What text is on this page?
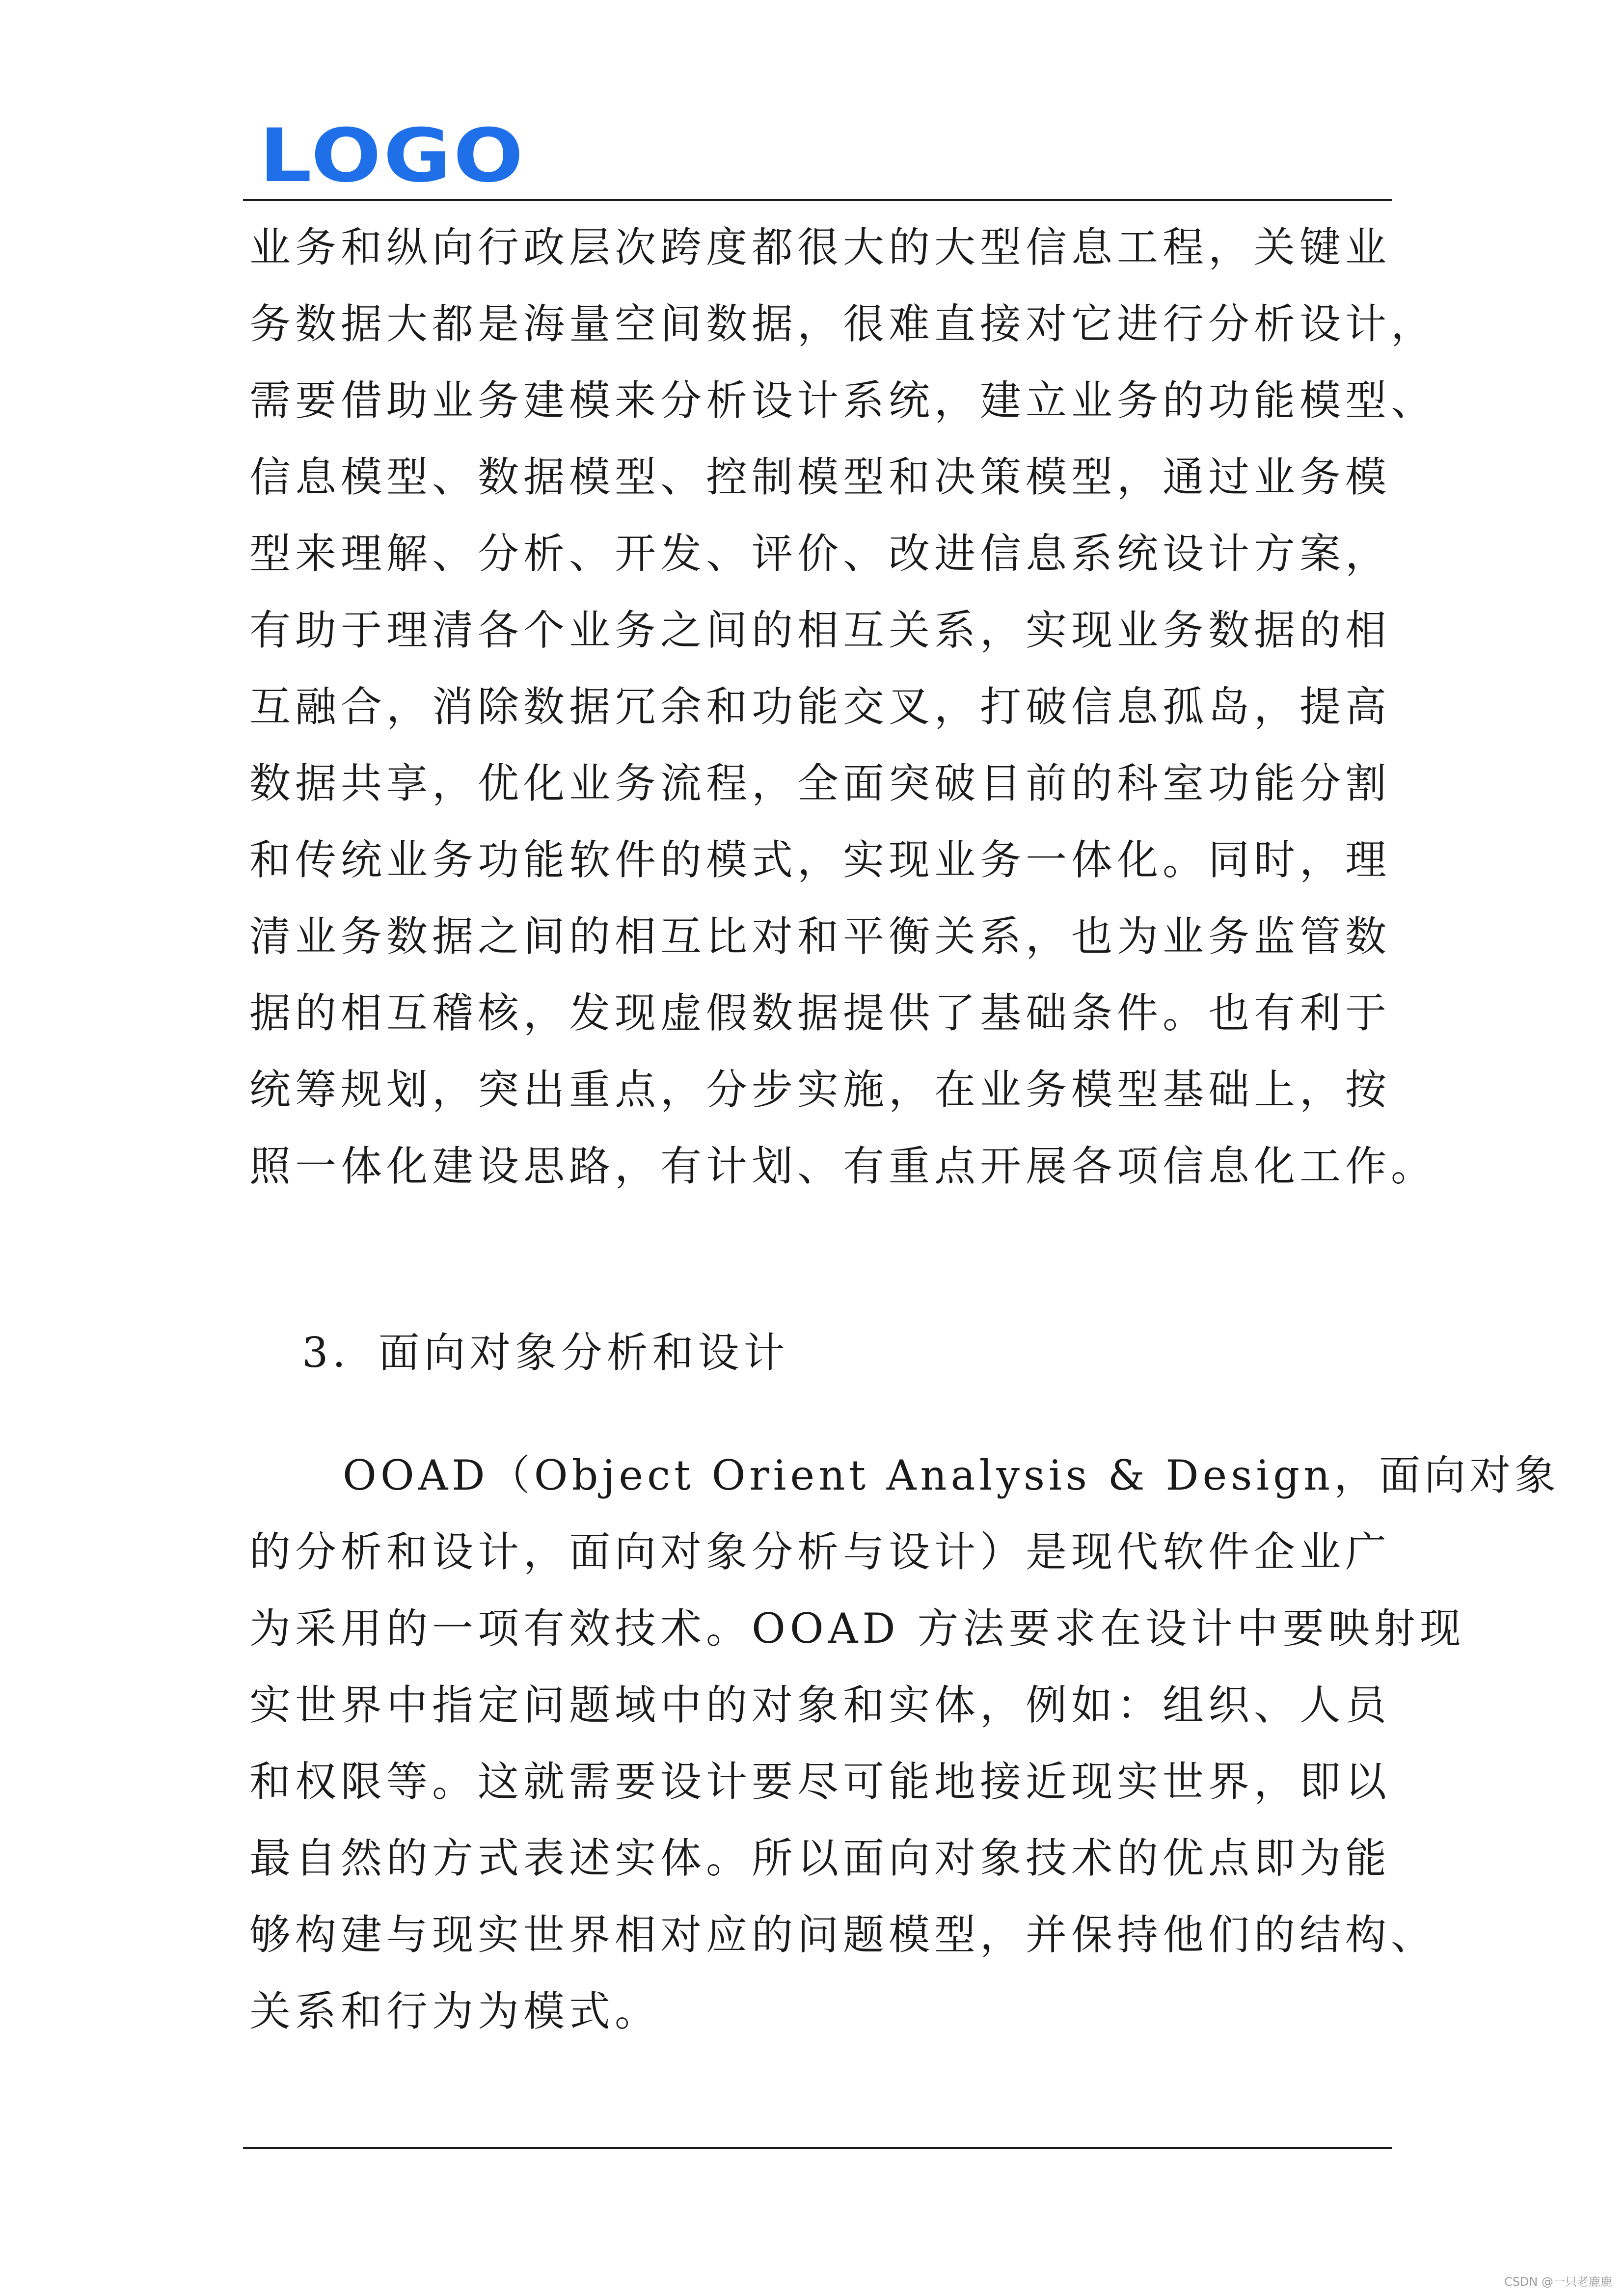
LOGO
业务和纵向行政层次跨度都很大的大型信息工程，关键业
务数据大都是海量空间数据，很难直接对它进行分析设计，
需要借助业务建模来分析设计系统，建立业务的功能模型、
信息模型、数据模型、控制模型和决策模型，通过业务模
型来理解、分析、开发、评价、改进信息系统设计方案，
有助于理清各个业务之间的相互关系，实现业务数据的相
互融合，消除数据冗余和功能交叉，打破信息孤岛，提高
数据共享，优化业务流程，全面突破目前的科室功能分割
和传统业务功能软件的模式，实现业务一体化。同时，理
清业务数据之间的相互比对和平衡关系，也为业务监管数
据的相互稽核，发现虚假数据提供了基础条件。也有利于
统筹规划，突出重点，分步实施，在业务模型基础上，按
照一体化建设思路，有计划、有重点开展各项信息化工作。
3．面向对象分析和设计
OOAD（Object Orient Analysis & Design，面向对象
的分析和设计，面向对象分析与设计）是现代软件企业广
为采用的一项有效技术。OOAD 方法要求在设计中要映射现
实世界中指定问题域中的对象和实体，例如：组织、人员
和权限等。这就需要设计要尽可能地接近现实世界，即以
最自然的方式表述实体。所以面向对象技术的优点即为能
够构建与现实世界相对应的问题模型，并保持他们的结构、
关系和行为为模式。
CSDN @一只老鹿鹿
